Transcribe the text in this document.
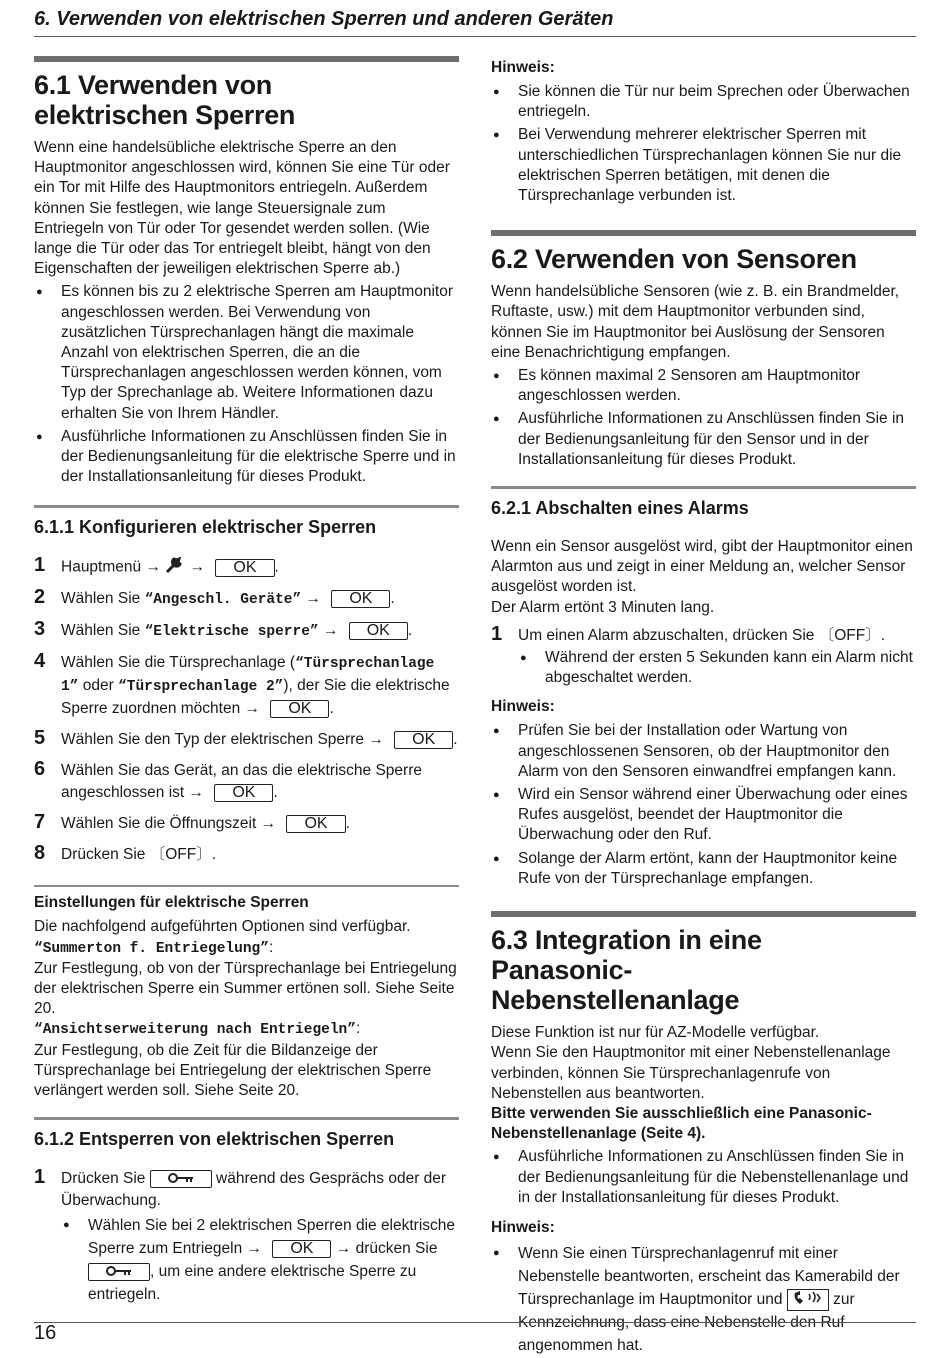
6. Verwenden von elektrischen Sperren und anderen Geräten
6.1 Verwenden von elektrischen Sperren

Wenn eine handelsübliche elektrische Sperre an den Hauptmonitor angeschlossen wird, können Sie eine Tür oder ein Tor mit Hilfe des Hauptmonitors entriegeln. Außerdem können Sie festlegen, wie lange Steuersignale zum Entriegeln von Tür oder Tor gesendet werden sollen. (Wie lange die Tür oder das Tor entriegelt bleibt, hängt von den Eigenschaften der jeweiligen elektrischen Sperre ab.)

● Es können bis zu 2 elektrische Sperren am Hauptmonitor angeschlossen werden. Bei Verwendung von zusätzlichen Türsprechanlagen hängt die maximale Anzahl von elektrischen Sperren, die an die Türsprechanlagen angeschlossen werden können, vom Typ der Sprechanlage ab. Weitere Informationen dazu erhalten Sie von Ihrem Händler.
● Ausführliche Informationen zu Anschlüssen finden Sie in der Bedienungsanleitung für die elektrische Sperre und in der Installationsanleitung für dieses Produkt.
6.1.1 Konfigurieren elektrischer Sperren
1 Hauptmenü → → OK .
2 Wählen Sie “Angeschl. Geräte” → OK .
3 Wählen Sie “Elektrische sperre” → OK .
4 Wählen Sie die Türsprechanlage (“Türsprechanlage 1” oder “Türsprechanlage 2”), der Sie die elektrische Sperre zuordnen möchten → OK .
5 Wählen Sie den Typ der elektrischen Sperre → OK .
6 Wählen Sie das Gerät, an das die elektrische Sperre angeschlossen ist → OK .
7 Wählen Sie die Öffnungszeit → OK .
8 Drücken Sie 〔OFF〕.
Einstellungen für elektrische Sperren

Die nachfolgend aufgeführten Optionen sind verfügbar.

“Summerton f. Entriegelung”:

Zur Festlegung, ob von der Türsprechanlage bei Entriegelung der elektrischen Sperre ein Summer ertönen soll. Siehe Seite 20.

“Ansichtserweiterung nach Entriegeln”:

Zur Festlegung, ob die Zeit für die Bildanzeige der Türsprechanlage bei Entriegelung der elektrischen Sperre verlängert werden soll. Siehe Seite 20.

6.1.2 Entsperren von elektrischen Sperren
1 Drücken Sie	während des Gesprächs oder der Überwachung.
● Wählen Sie bei 2 elektrischen Sperren die elektrische Sperre zum Entriegeln → OK → drücken Sie , um eine andere elektrische Sperre zu entriegeln.
Hinweis:
● Sie können die Tür nur beim Sprechen oder Überwachen entriegeln.
● Bei Verwendung mehrerer elektrischer Sperren mit unterschiedlichen Türsprechanlagen können Sie nur die elektrischen Sperren betätigen, mit denen die Türsprechanlage verbunden ist.
6.2 Verwenden von Sensoren

Wenn handelsübliche Sensoren (wie z. B. ein Brandmelder, Ruftaste, usw.) mit dem Hauptmonitor verbunden sind, können Sie im Hauptmonitor bei Auslösung der Sensoren eine Benachrichtigung empfangen.

● Es können maximal 2 Sensoren am Hauptmonitor angeschlossen werden.
● Ausführliche Informationen zu Anschlüssen finden Sie in der Bedienungsanleitung für den Sensor und in der Installationsanleitung für dieses Produkt.
6.2.1 Abschalten eines Alarms

Wenn ein Sensor ausgelöst wird, gibt der Hauptmonitor einen Alarmton aus und zeigt in einer Meldung an, welcher Sensor ausgelöst worden ist.

Der Alarm ertönt 3 Minuten lang.

1 Um einen Alarm abzuschalten, drücken Sie 〔OFF〕.
● Während der ersten 5 Sekunden kann ein Alarm nicht abgeschaltet werden.
Hinweis:
● Prüfen Sie bei der Installation oder Wartung von angeschlossenen Sensoren, ob der Hauptmonitor den Alarm von den Sensoren einwandfrei empfangen kann.
● Wird ein Sensor während einer Überwachung oder eines Rufes ausgelöst, beendet der Hauptmonitor die Überwachung oder den Ruf.
● Solange der Alarm ertönt, kann der Hauptmonitor keine Rufe von der Türsprechanlage empfangen.
6.3 Integration in eine Panasonic-Nebenstellenanlage

Diese Funktion ist nur für AZ-Modelle verfügbar.

Wenn Sie den Hauptmonitor mit einer Nebenstellenanlage verbinden, können Sie Türsprechanlagenrufe von Nebenstellen aus beantworten.

Bitte verwenden Sie ausschließlich eine Panasonic-Nebenstellenanlage (Seite 4).

● Ausführliche Informationen zu Anschlüssen finden Sie in der Bedienungsanleitung für die Nebenstellenanlage und in der Installationsanleitung für dieses Produkt.
Hinweis:
● Wenn Sie einen Türsprechanlagenruf mit einer Nebenstelle beantworten, erscheint das Kamerabild der Türsprechanlage im Hauptmonitor und	zur Kennzeichnung, dass eine Nebenstelle den Ruf angenommen hat.
16
